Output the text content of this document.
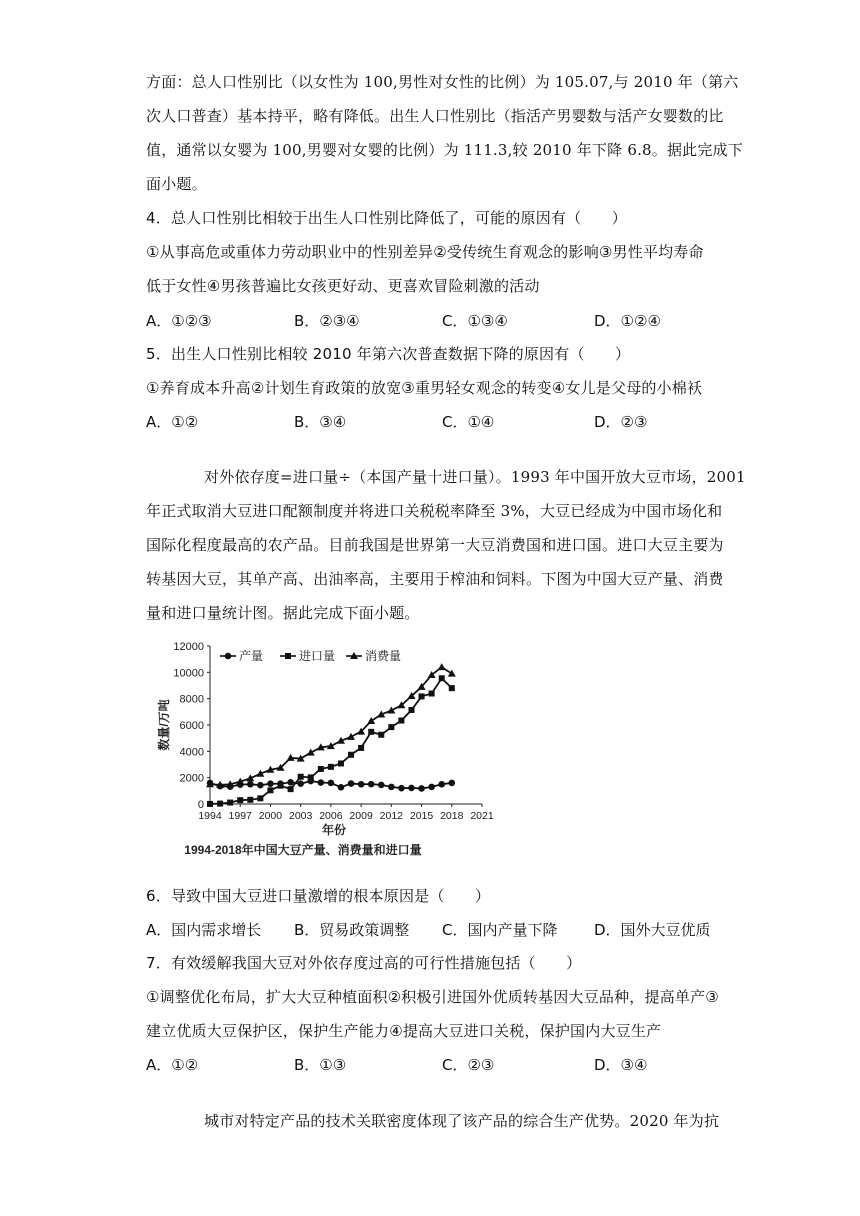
方面：总人口性别比（以女性为 100,男性对女性的比例）为 105.07,与 2010 年（第六
次人口普查）基本持平，略有降低。出生人口性别比（指活产男婴数与活产女婴数的比
值，通常以女婴为 100,男婴对女婴的比例）为 111.3,较 2010 年下降 6.8。据此完成下
面小题。
4．总人口性别比相较于出生人口性别比降低了，可能的原因有（　　）
①从事高危或重体力劳动职业中的性别差异②受传统生育观念的影响③男性平均寿命
低于女性④男孩普遍比女孩更好动、更喜欢冒险刺激的活动
A．①②③	B．②③④	C．①③④	D．①②④
5．出生人口性别比相较 2010 年第六次普查数据下降的原因有（　　）
①养育成本升高②计划生育政策的放宽③重男轻女观念的转变④女儿是父母的小棉袄
A．①②	B．③④	C．①④	D．②③
对外依存度=进口量÷（本国产量十进口量）。1993 年中国开放大豆市场，2001
年正式取消大豆进口配额制度并将进口关税税率降至 3%，大豆已经成为中国市场化和
国际化程度最高的农产品。目前我国是世界第一大豆消费国和进口国。进口大豆主要为
转基因大豆，其单产高、出油率高，主要用于榨油和饲料。下图为中国大豆产量、消费
量和进口量统计图。据此完成下面小题。
0
2000
4000
6000
8000
10000
12000
1994 1997 2000 2003 2006 2009 2012 2015 2018 2021
数量/万吨
年份
1994-2018年中国大豆产量、消费量和进口量
产量	进口量 消费量
6．导致中国大豆进口量激增的根本原因是（　　）
A．国内需求增长 B．贸易政策调整 C．国内产量下降 D．国外大豆优质
7．有效缓解我国大豆对外依存度过高的可行性措施包括（　　）
①调整优化布局，扩大大豆种植面积②积极引进国外优质转基因大豆品种，提高单产③
建立优质大豆保护区，保护生产能力④提高大豆进口关税，保护国内大豆生产
A．①②	B．①③	C．②③	D．③④
城市对特定产品的技术关联密度体现了该产品的综合生产优势。2020 年为抗
